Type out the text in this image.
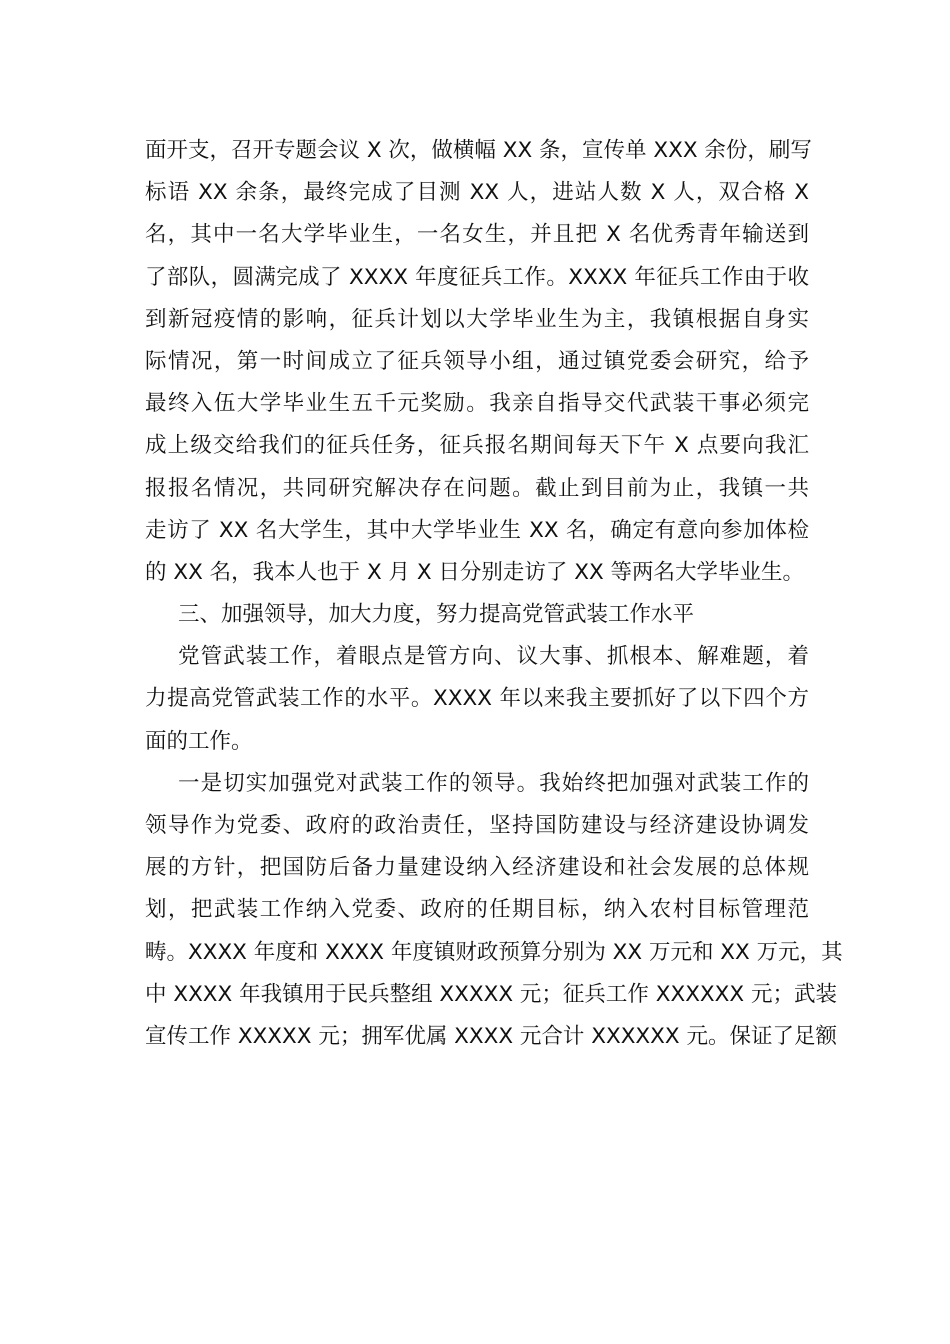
面开支，召开专题会议 X 次，做横幅 XX 条，宣传单 XXX 余份，刷写
标语 XX 余条，最终完成了目测 XX 人，进站人数 X 人，双合格 X
名，其中一名大学毕业生，一名女生，并且把 X 名优秀青年输送到
了部队，圆满完成了 XXXX 年度征兵工作。XXXX 年征兵工作由于收
到新冠疫情的影响，征兵计划以大学毕业生为主，我镇根据自身实
际情况，第一时间成立了征兵领导小组，通过镇党委会研究，给予
最终入伍大学毕业生五千元奖励。我亲自指导交代武装干事必须完
成上级交给我们的征兵任务，征兵报名期间每天下午 X 点要向我汇
报报名情况，共同研究解决存在问题。截止到目前为止，我镇一共
走访了 XX 名大学生，其中大学毕业生 XX 名，确定有意向参加体检
的 XX 名，我本人也于 X 月 X 日分别走访了 XX 等两名大学毕业生。
三、加强领导，加大力度，努力提高党管武装工作水平
党管武装工作，着眼点是管方向、议大事、抓根本、解难题，着
力提高党管武装工作的水平。XXXX 年以来我主要抓好了以下四个方
面的工作。
一是切实加强党对武装工作的领导。我始终把加强对武装工作的
领导作为党委、政府的政治责任，坚持国防建设与经济建设协调发
展的方针，把国防后备力量建设纳入经济建设和社会发展的总体规
划，把武装工作纳入党委、政府的任期目标，纳入农村目标管理范
畴。XXXX 年度和 XXXX 年度镇财政预算分别为 XX 万元和 XX 万元，其
中 XXXX 年我镇用于民兵整组 XXXXX 元；征兵工作 XXXXXX 元；武装
宣传工作 XXXXX 元；拥军优属 XXXX 元合计 XXXXXX 元。保证了足额
